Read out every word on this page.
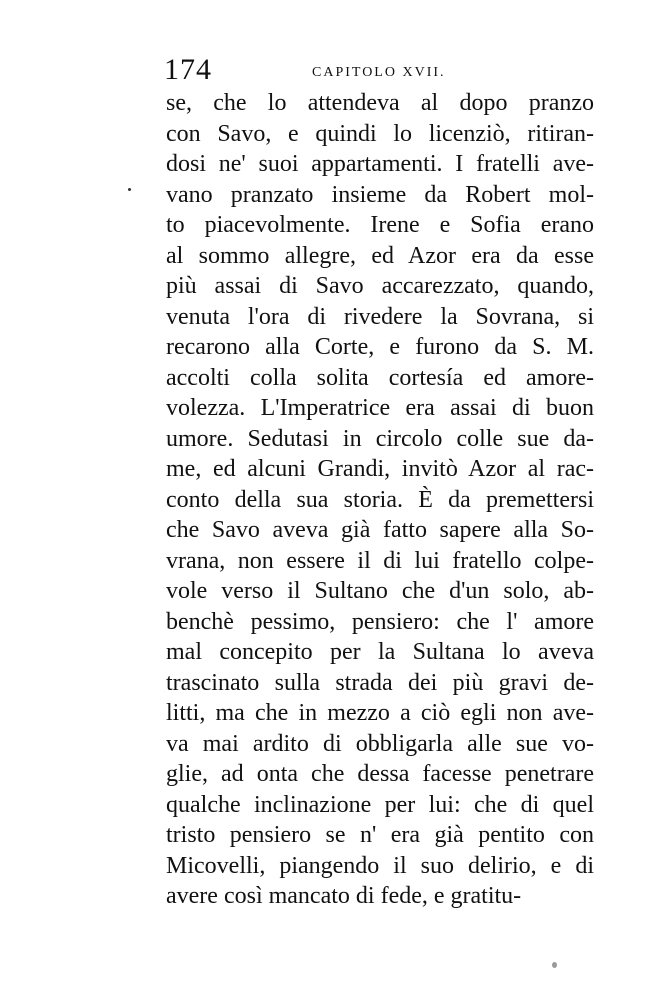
174	CAPITOLO XVII.
se, che lo attendeva al dopo pranzo
con Savo, e quindi lo licenziò, ritiran-
dosi ne' suoi appartamenti. I fratelli ave-
vano pranzato insieme da Robert mol-
to piacevolmente. Irene e Sofia erano
al sommo allegre, ed Azor era da esse
più assai di Savo accarezzato, quando,
venuta l'ora di rivedere la Sovrana, si
recarono alla Corte, e furono da S. M.
accolti colla solita cortesía ed amore-
volezza. L'Imperatrice era assai di buon
umore. Sedutasi in circolo colle sue da-
me, ed alcuni Grandi, invitò Azor al rac-
conto della sua storia. È da premettersi
che Savo aveva già fatto sapere alla So-
vrana, non essere il di lui fratello colpe-
vole verso il Sultano che d'un solo, ab-
benchè pessimo, pensiero: che l' amore
mal concepito per la Sultana lo aveva
trascinato sulla strada dei più gravi de-
litti, ma che in mezzo a ciò egli non ave-
va mai ardito di obbligarla alle sue vo-
glie, ad onta che dessa facesse penetrare
qualche inclinazione per lui: che di quel
tristo pensiero se n' era già pentito con
Micovelli, piangendo il suo delirio, e di
avere così mancato di fede, e gratitu-
